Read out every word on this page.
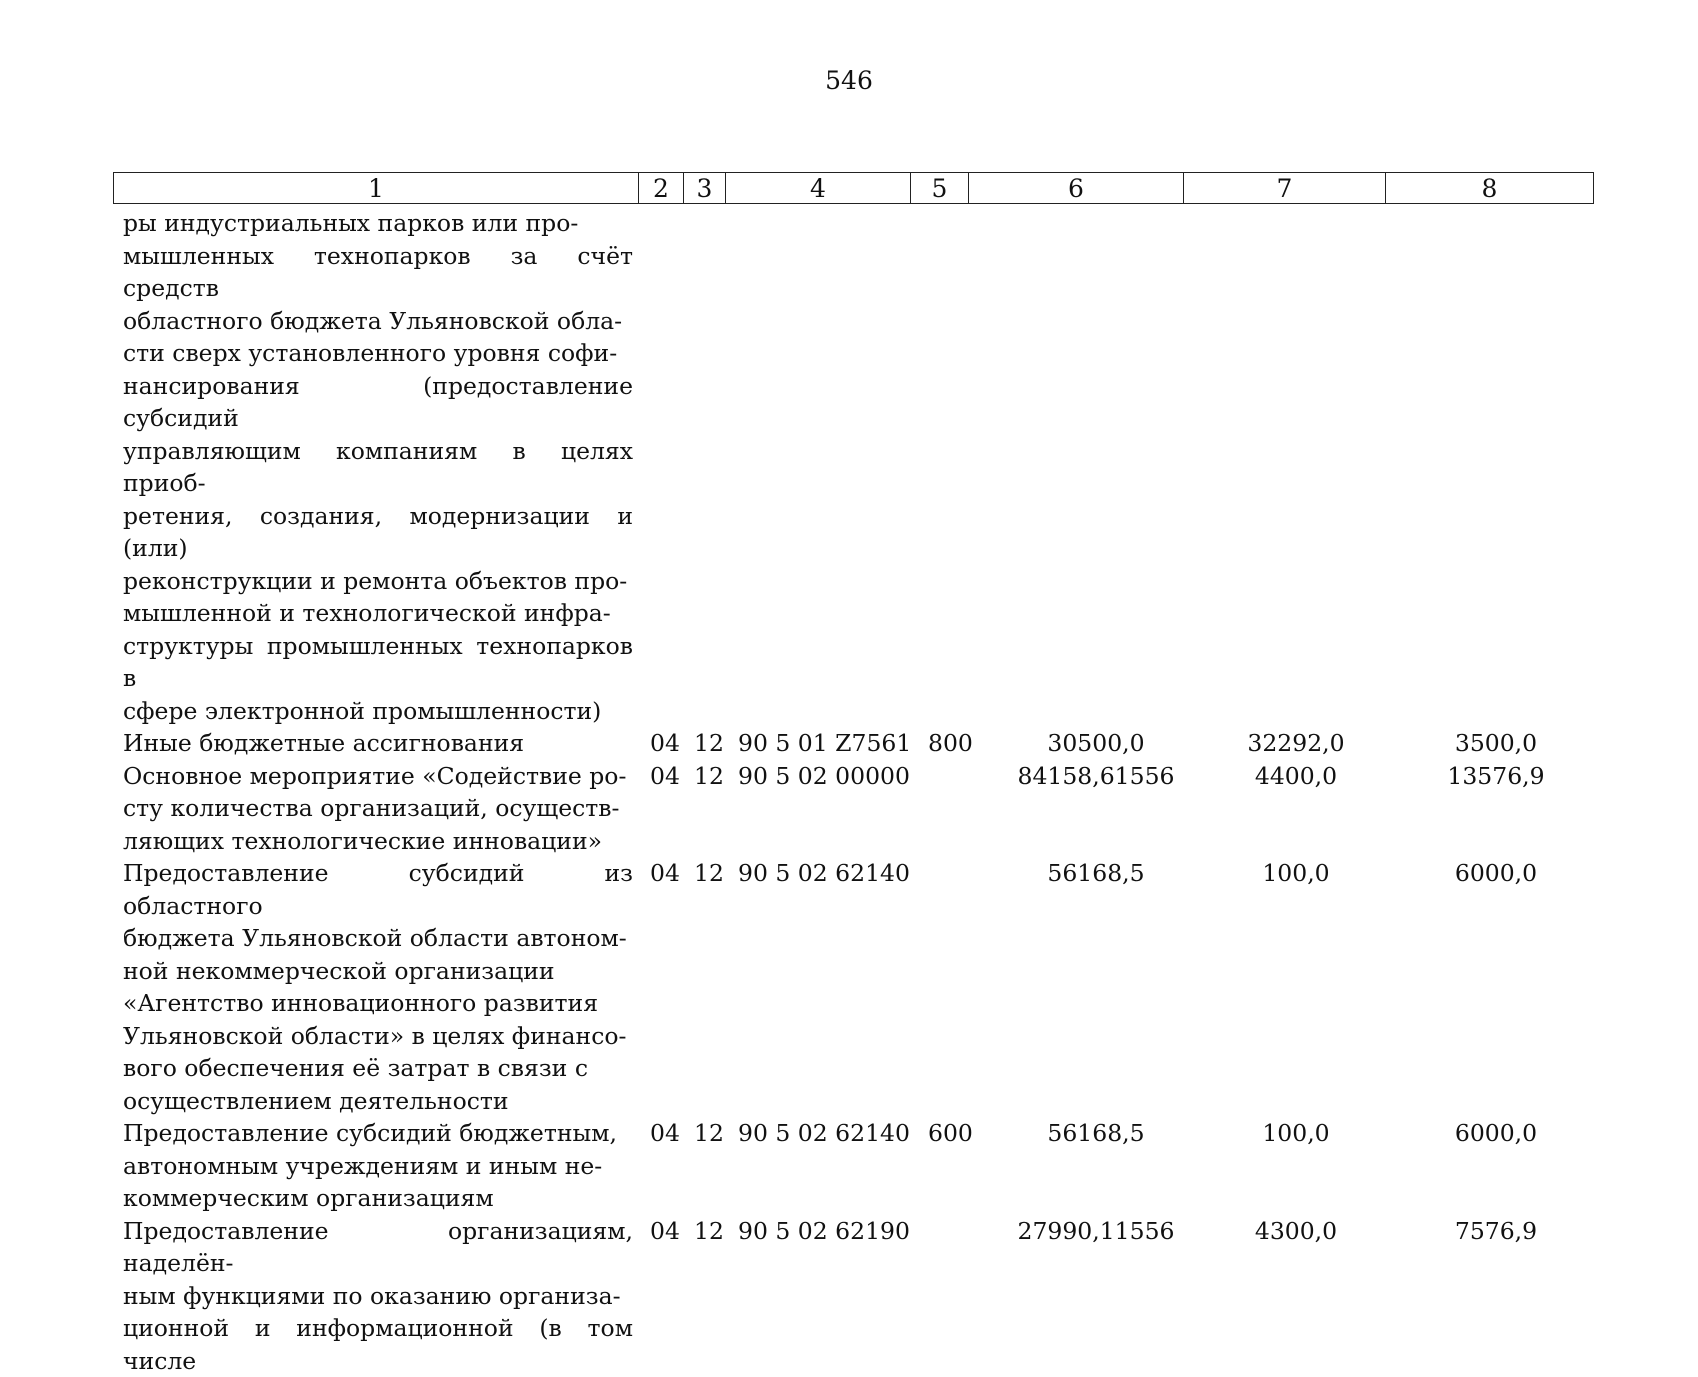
546
1	2	3	4	5	6	7	8
ры индустриальных парков или про-
мышленных технопарков за счёт средств
областного бюджета Ульяновской обла-
сти сверх установленного уровня софи-
нансирования (предоставление субсидий
управляющим компаниям в целях приоб-
ретения, создания, модернизации и (или)
реконструкции и ремонта объектов про-
мышленной и технологической инфра-
структуры промышленных технопарков в
сфере электронной промышленности)
Иные бюджетные ассигнования	04 12 90 5 01 Z7561 800	30500,0	32292,0	3500,0
Основное мероприятие «Содействие ро-
сту количества организаций, осуществ-
ляющих технологические инновации»
04 12 90 5 02 00000	84158,61556	4400,0	13576,9
Предоставление субсидий из областного
бюджета Ульяновской области автоном-
ной некоммерческой организации
«Агентство инновационного развития
Ульяновской области» в целях финансо-
вого обеспечения её затрат в связи с
осуществлением деятельности
04 12 90 5 02 62140	56168,5	100,0	6000,0
Предоставление субсидий бюджетным,
автономным учреждениям и иным не-
коммерческим организациям
04 12 90 5 02 62140 600	56168,5	100,0	6000,0
Предоставление организациям, наделён-
ным функциями по оказанию организа-
ционной и информационной (в том числе
04 12 90 5 02 62190	27990,11556	4300,0	7576,9
